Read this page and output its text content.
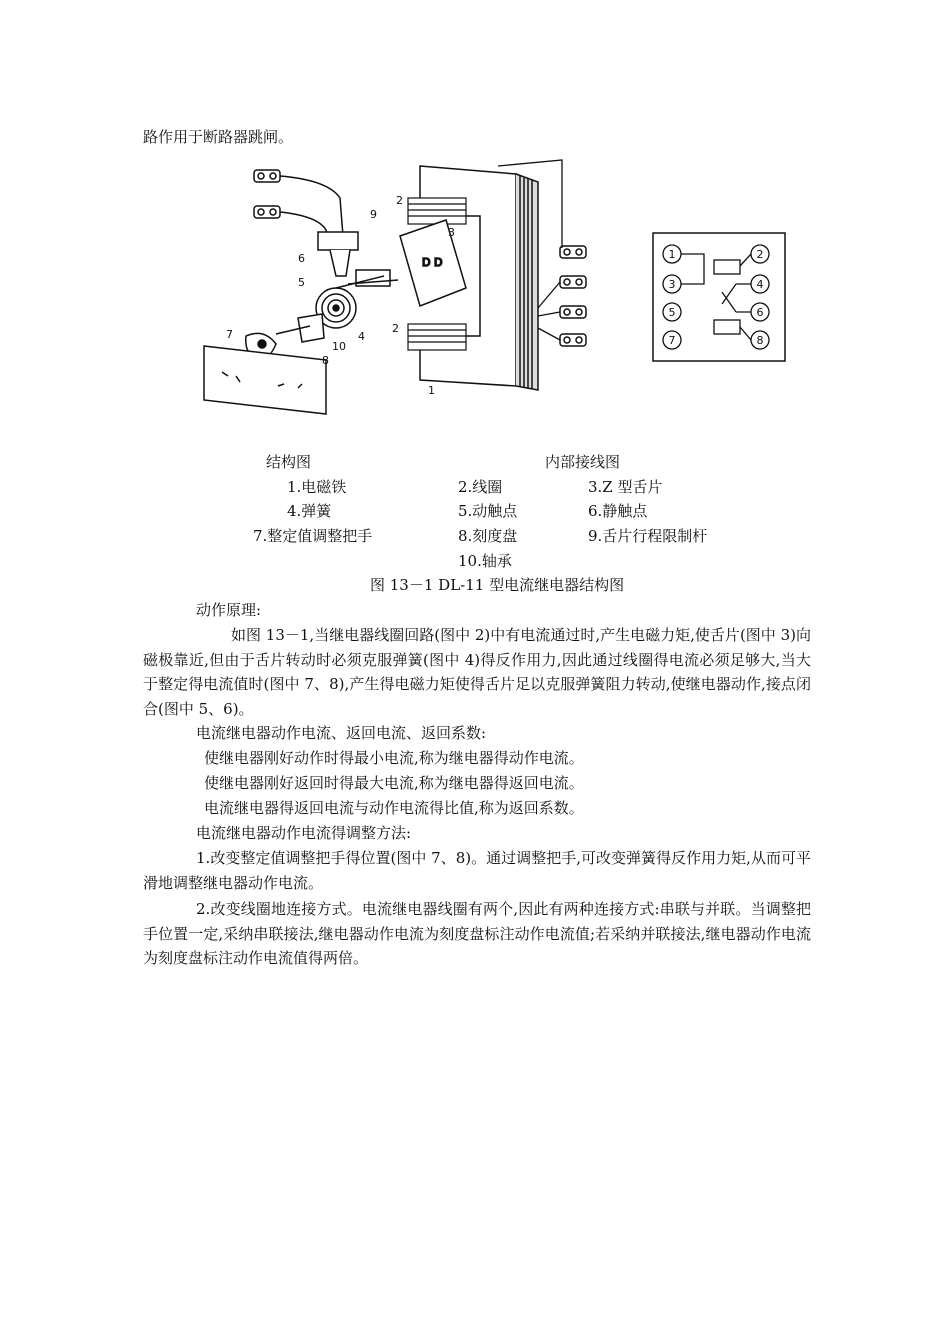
路作用于断路器跳闸。
D D
1
2
2
3
4
5
6
7
8
9
10
1	2
3	4
5	6
7	8
结构图	内部接线图
1.电磁铁	2.线圈	3.Z 型舌片
4.弹簧	5.动触点	6.静触点
7.整定值调整把手	8.刻度盘	9.舌片行程限制杆
10.轴承
图 13－1 DL-11 型电流继电器结构图
动作原理:
如图 13－1,当继电器线圈回路(图中 2)中有电流通过时,产生电磁力矩,使舌片(图中 3)向磁极靠近,但由于舌片转动时必须克服弹簧(图中 4)得反作用力,因此通过线圈得电流必须足够大,当大于整定得电流值时(图中 7、8),产生得电磁力矩使得舌片足以克服弹簧阻力转动,使继电器动作,接点闭合(图中 5、6)。
电流继电器动作电流、返回电流、返回系数:
使继电器刚好动作时得最小电流,称为继电器得动作电流。
使继电器刚好返回时得最大电流,称为继电器得返回电流。
电流继电器得返回电流与动作电流得比值,称为返回系数。
电流继电器动作电流得调整方法:
1.改变整定值调整把手得位置(图中 7、8)。通过调整把手,可改变弹簧得反作用力矩,从而可平滑地调整继电器动作电流。
2.改变线圈地连接方式。电流继电器线圈有两个,因此有两种连接方式:串联与并联。当调整把手位置一定,采纳串联接法,继电器动作电流为刻度盘标注动作电流值;若采纳并联接法,继电器动作电流为刻度盘标注动作电流值得两倍。
